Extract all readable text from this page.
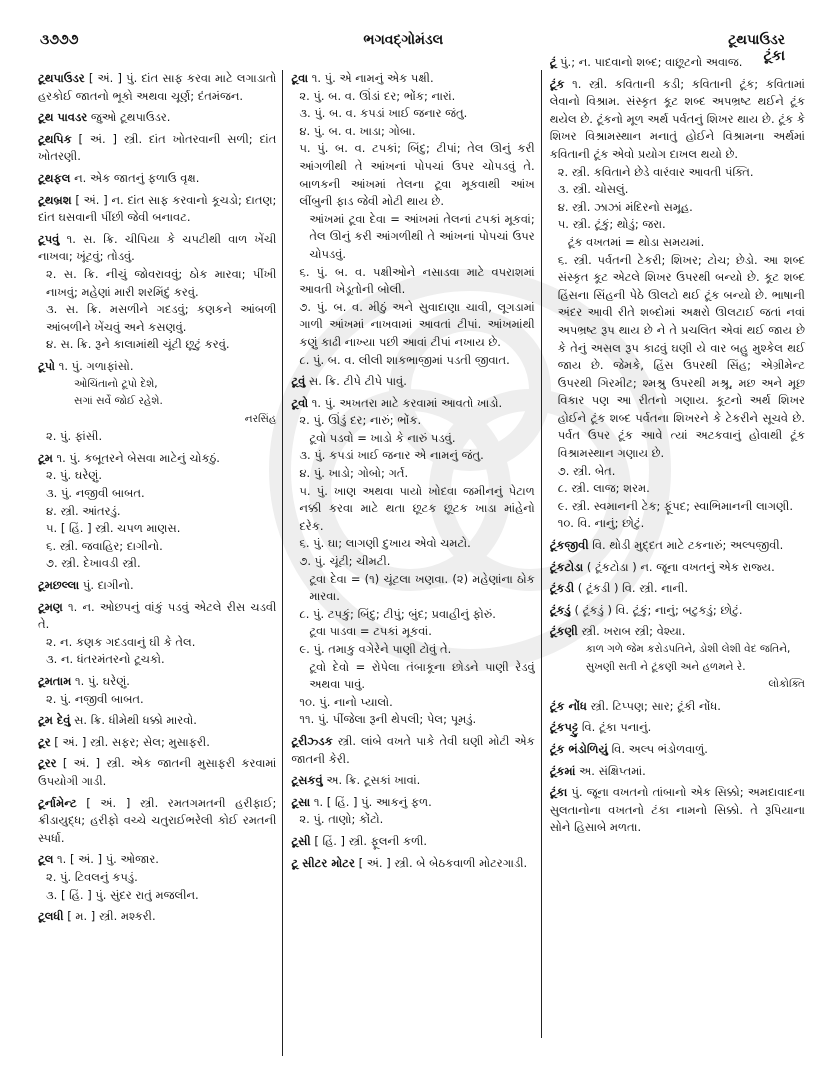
૩૭૭૭	ભગવદ્ગોમંડલ	ટૂથપાઉડર
ટૂંકા

ટૂથપાઉડર [ અં. ] પું. દાંત સાફ કરવા માટે લગાડાતો હરકોઈ જાતનો ભૂકો અથવા ચૂર્ણ; દંતમંજન.

ટૂથ પાવડર જુઓ ટૂથપાઉડર.

ટૂથપિક [ અં. ] સ્ત્રી. દાંત ખોતરવાની સળી; દાંત ખોતરણી.

ટૂથફલ ન. એક જાતનું ફળાઉ વૃક્ષ.

ટૂથબ્રશ [ અં. ] ન. દાંત સાફ કરવાનો કૂચડો; દાતણ; દાંત ઘસવાની પીંછી જેવી બનાવટ.

ટૂપવું ૧. સ. ક્રિ. ચીપિયા કે ચપટીથી વાળ ખેંચી નાખવા; ખૂંટવું; તોડવું.

૨. સ. ક્રિ. નીચું જોવરાવવું; ઠોક મારવા; પીંખી નાખવું; મહેણાં મારી શરમિંદું કરવું.

૩. સ. ક્રિ. મસળીને ગદડવું; કણકને આંબળી આંબળીને ખેંચવું અને કસણવું.

૪. સ. ક્રિ. રૂને કાલામાંથી ચૂંટી છૂટું કરવું.

ટૂપો ૧. પું. ગળાફાંસો.

ઓચિંતાનો ટૂપો દેશે,

સગાં સર્વે જોઈ રહેશે.

નરસિંહ

૨. પું. ફાંસી.

ટૂમ ૧. પું. કબૂતરને બેસવા માટેનું ચોકઠું.

૨. પું. ઘરેણું.

૩. પું. નજીવી બાબત.

૪. સ્ત્રી. આંતરડું.

૫. [ હિં. ] સ્ત્રી. ચપળ માણસ.

૬. સ્ત્રી. જવાહિર; દાગીનો.

૭. સ્ત્રી. દેખાવડી સ્ત્રી.

ટૂમછલ્લા પું. દાગીનો.

ટૂમણ ૧. ન. ઓછપનું વાંકું પડવું એટલે રીસ ચડવી તે.

૨. ન. કણક ગદડવાનું ઘી કે તેલ.

૩. ન. ધંતરમંતરનો ટૂચકો.

ટૂમતામ ૧. પું. ઘરેણું.

૨. પું. નજીવી બાબત.

ટૂમ દેવું સ. ક્રિ. ધીમેથી ધક્કો મારવો.

ટૂર [ અં. ] સ્ત્રી. સફર; સેલ; મુસાફરી.

ટૂરર [ અં. ] સ્ત્રી. એક જાતની મુસાફરી કરવામાં ઉપયોગી ગાડી.

ટૂર્નામેન્ટ [ અં. ] સ્ત્રી. રમતગમતની હરીફાઈ; ક્રીડાયુદ્ધ; હરીફો વચ્ચે ચતુરાઈભરેલી કોઈ રમતની સ્પર્ધા.

ટૂલ ૧. [ અં. ] પું. ઓજાર.

૨. પું. ટિવલનું કપડું.

૩. [ હિં. ] પું. સુંદર રાતું મજલીન.

ટૂલધી [ મ. ] સ્ત્રી. મશ્કરી.

ટૂવા ૧. પું. એ નામનું એક પક્ષી.

૨. પું. બ. વ. ઊંડાં દર; ભોંક; નારાં.

૩. પું. બ. વ. કપડાં ખાઈ જનાર જંતુ.

૪. પું. બ. વ. ખાડા; ગોબા.

૫. પું. બ. વ. ટપકાં; બિંદુ; ટીપાં; તેલ ઊનું કરી આંગળીથી તે આંખનાં પોપચાં ઉપર ચોપડવું તે. બાળકની આંખમાં તેલના ટૂવા મૂકવાથી આંખ લીંબુની ફાડ જેવી મોટી થાય છે.

આંખમાં ટૂવા દેવા = આંખમાં તેલનાં ટપકાં મૂકવાં; તેલ ઊનું કરી આંગળીથી તે આંખનાં પોપચાં ઉપર ચોપડવું.

૬. પું. બ. વ. પક્ષીઓને નસાડવા માટે વપરાશમાં આવતી ખેડૂતોની બોલી.

૭. પું. બ. વ. મીઠું અને સુવાદાણા ચાવી, લૂગડામાં ગાળી આંખમાં નાખવામાં આવતાં ટીપાં. આંખમાંથી કણું કાઢી નાખ્યા પછી આવાં ટીપાં નખાય છે.

૮. પું. બ. વ. લીલી શાકભાજીમાં પડતી જીવાત.

ટૂવું સ. ક્રિ. ટીપે ટીપે પાવું.

ટૂવો ૧. પું. અખતરા માટે કરવામાં આવતો ખાડો.

૨. પું. ઊંડું દર; નારું; ભોંક.

ટૂવો પડવો = ખાડો કે નારું પડવું.

૩. પું. કપડાં ખાઈ જનાર એ નામનું જંતુ.

૪. પું. ખાડો; ગોબો; ગર્ત.

૫. પું. ખાણ અથવા પાયો ખોદવા જમીનનું પેટાળ નક્કી કરવા માટે થતા છૂટક છૂટક ખાડા માંહેનો દરેક.

૬. પું. ઘા; લાગણી દુખાય એવો ચમટો.

૭. પું. ચૂંટી; ચીમટી.

ટૂવા દેવા = (૧) ચૂંટલા ખણવા. (૨) મહેણાંના ઠોક મારવા.

૮. પું. ટપકું; બિંદુ; ટીપું; બુંદ; પ્રવાહીનું ફોરું.

ટૂવા પાડવા = ટપકાં મૂકવાં.

૯. પું. તમાકુ વગેરેને પાણી ટોવું તે.

ટૂવો દેવો = રોપેલા તંબાકૂના છોડને પાણી રેડવું અથવા પાવું.

૧૦. પું. નાનો પ્યાલો.

૧૧. પું. પીંજેલા રૂની થેપલી; પેલ; પૂમડું.

ટૂરીઝ્ડક સ્ત્રી. લાંબે વખતે પાકે તેવી ઘણી મોટી એક જાતની કેરી.

ટૂસકવું અ. ક્રિ. ટૂસકાં ખાવાં.

ટૂસા ૧. [ હિં. ] પું. આકનું ફળ.

૨. પું. તાણો; કોંટો.

ટૂસી [ હિં. ] સ્ત્રી. ફૂલની કળી.

ટૂ સીટર મોટર [ અં. ] સ્ત્રી. બે બેઠકવાળી મોટરગાડી.

ટૂં પું.; ન. પાદવાનો શબ્દ; વાછૂટનો અવાજ.

ટૂંક ૧. સ્ત્રી. કવિતાની કડી; કવિતાની ટૂંક; કવિતામાં લેવાનો વિશ્રામ. સંસ્કૃત કૂટ શબ્દ અપભ્રષ્ટ થઈને ટૂંક થયેલ છે. ટૂંકનો મૂળ અર્થ પર્વતનું શિખર થાય છે. ટૂંક કે શિખર વિશ્રામસ્થાન મનાતું હોઈને વિશ્રામના અર્થમાં કવિતાની ટૂંક એવો પ્રયોગ દાખલ થયો છે.

૨. સ્ત્રી. કવિતાને છેડે વારંવાર આવતી પંક્તિ.

૩. સ્ત્રી. ચોસલું.

૪. સ્ત્રી. ઝાઝાં મંદિરનો સમૂહ.

૫. સ્ત્રી. ટૂંકું; થોડું; જરા.

ટૂંક વખતમાં = થોડા સમયમાં.

૬. સ્ત્રી. પર્વતની ટેકરી; શિખર; ટોચ; છેડો. આ શબ્દ સંસ્કૃત કૂટ એટલે શિખર ઉપરથી બન્યો છે. કૂટ શબ્દ હિંસના સિંહની પેઠે ઊલટો થઈ ટૂંક બન્યો છે. ભાષાની અંદર આવી રીતે શબ્દોમાં અક્ષરો ઊલટાઈ જતાં નવાં અપભ્રષ્ટ રૂપ થાય છે ને તે પ્રચલિત એવાં થઈ જાય છે કે તેનું અસલ રૂપ કાઢવું ઘણી યે વાર બહુ મુશ્કેલ થઈ જાય છે. જેમકે, હિંસ ઉપરથી સિંહ; એગ્રીમેન્ટ ઉપરથી ગિરમીટ; શ્મશ્રુ ઉપરથી મશ્રૂ, મછ અને મૂછ વિકાર પણ આ રીતનો ગણાય. કૂટનો અર્થ શિખર હોઈને ટૂંક શબ્દ પર્વતના શિખરને કે ટેકરીને સૂચવે છે. પર્વત ઉપર ટૂંક આવે ત્યાં અટકવાનું હોવાથી ટૂંક વિશ્રામસ્થાન ગણાય છે.

૭. સ્ત્રી. બેત.

૮. સ્ત્રી. લાજ; શરમ.

૯. સ્ત્રી. સ્વમાનની ટેક; ફૂંપદ; સ્વાભિમાનની લાગણી.

૧૦. વિ. નાનું; છોટું.

ટૂંકજીવી વિ. થોડી મુદ્દત માટે ટકનારું; અલ્પજીવી.

ટૂંકટોડા ( ટૂંકટોડા ) ન. જૂના વખતનું એક રાજ્ય.

ટૂંકડી ( ટૂંકડી ) વિ. સ્ત્રી. નાની.

ટૂંકડું ( ટૂંકડું ) વિ. ટૂંકું; નાનું; બટુકડું; છોટું.

ટૂંકણી સ્ત્રી. ખરાબ સ્ત્રી; વેશ્યા.

કાળ ગળે જેમ કરોડપતિને, ડોશી લેશી વેદ જતિને,

સુખણી સતી ને ટૂંકણી અને હળમને રે.

લોકોક્તિ

ટૂંક નોંધ સ્ત્રી. ટિપ્પણ; સાર; ટૂંકી નોંધ.

ટૂંકપટ્ટુ વિ. ટૂંકા પનાનું.

ટૂંક ભંડોળિયું વિ. અલ્પ ભંડોળવાળું.

ટૂંકમાં અ. સંક્ષિપ્તમાં.

ટૂંકા પું. જૂના વખતનો તાંબાનો એક સિક્કો; અમદાવાદના સુલતાનોના વખતનો ટંકા નામનો સિક્કો. તે રૂપિયાના સોને હિસાબે મળતા.
